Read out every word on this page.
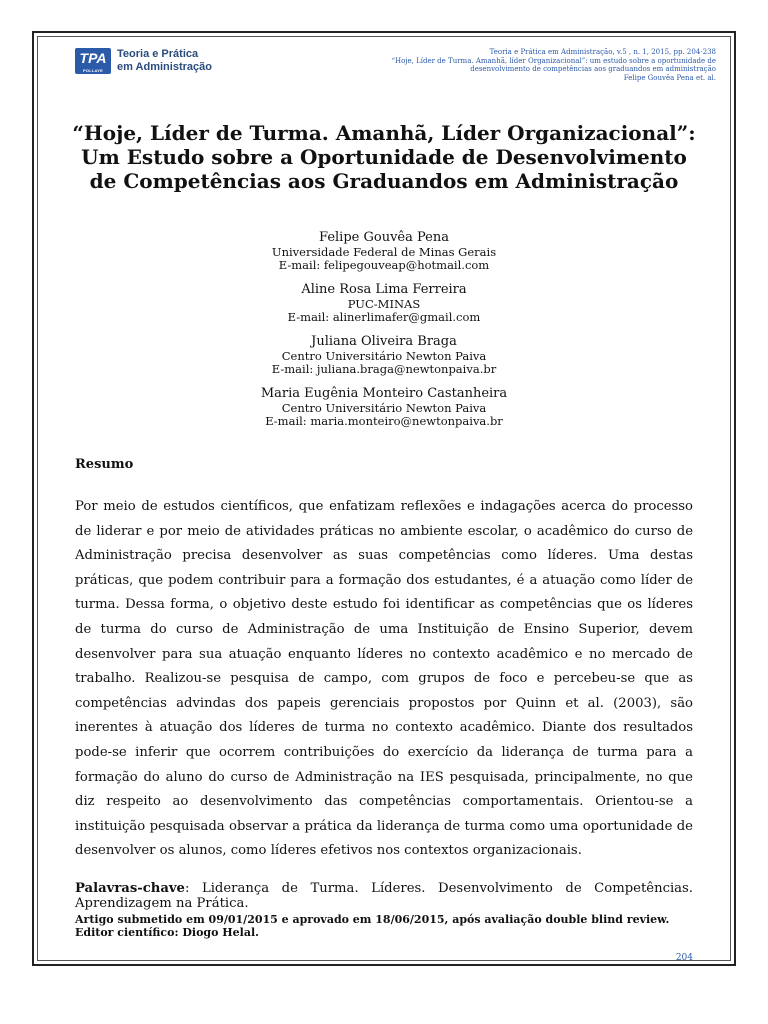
TPA
POLLAYE
Teoria e Prática
em Administração
Teoria e Prática em Administração, v.5 , n. 1, 2015, pp. 204-238
“Hoje, Líder de Turma. Amanhã, líder Organizacional”: um estudo sobre a oportunidade de
desenvolvimento de competências aos graduandos em administração
Felipe Gouvêa Pena et. al.
“Hoje, Líder de Turma. Amanhã, Líder Organizacional”: Um Estudo sobre a Oportunidade de Desenvolvimento de Competências aos Graduandos em Administração
Felipe Gouvêa Pena
Universidade Federal de Minas Gerais
E-mail: felipegouveap@hotmail.com
Aline Rosa Lima Ferreira
PUC-MINAS
E-mail: alinerlimafer@gmail.com
Juliana Oliveira Braga
Centro Universitário Newton Paiva
E-mail: juliana.braga@newtonpaiva.br
Maria Eugênia Monteiro Castanheira
Centro Universitário Newton Paiva
E-mail: maria.monteiro@newtonpaiva.br
Resumo

Por meio de estudos científicos, que enfatizam reflexões e indagações acerca do processo de liderar e por meio de atividades práticas no ambiente escolar, o acadêmico do curso de Administração precisa desenvolver as suas competências como líderes. Uma destas práticas, que podem contribuir para a formação dos estudantes, é a atuação como líder de turma. Dessa forma, o objetivo deste estudo foi identificar as competências que os líderes de turma do curso de Administração de uma Instituição de Ensino Superior, devem desenvolver para sua atuação enquanto líderes no contexto acadêmico e no mercado de trabalho. Realizou-se pesquisa de campo, com grupos de foco e percebeu-se que as competências advindas dos papeis gerenciais propostos por Quinn et al. (2003), são inerentes à atuação dos líderes de turma no contexto acadêmico. Diante dos resultados pode-se inferir que ocorrem contribuições do exercício da liderança de turma para a formação do aluno do curso de Administração na IES pesquisada, principalmente, no que diz respeito ao desenvolvimento das competências comportamentais. Orientou-se a instituição pesquisada observar a prática da liderança de turma como uma oportunidade de desenvolver os alunos, como líderes efetivos nos contextos organizacionais.

Palavras-chave: Liderança de Turma. Líderes. Desenvolvimento de Competências. Aprendizagem na Prática.

Artigo submetido em 09/01/2015 e aprovado em 18/06/2015, após avaliação double blind review. Editor científico: Diogo Helal.

204
